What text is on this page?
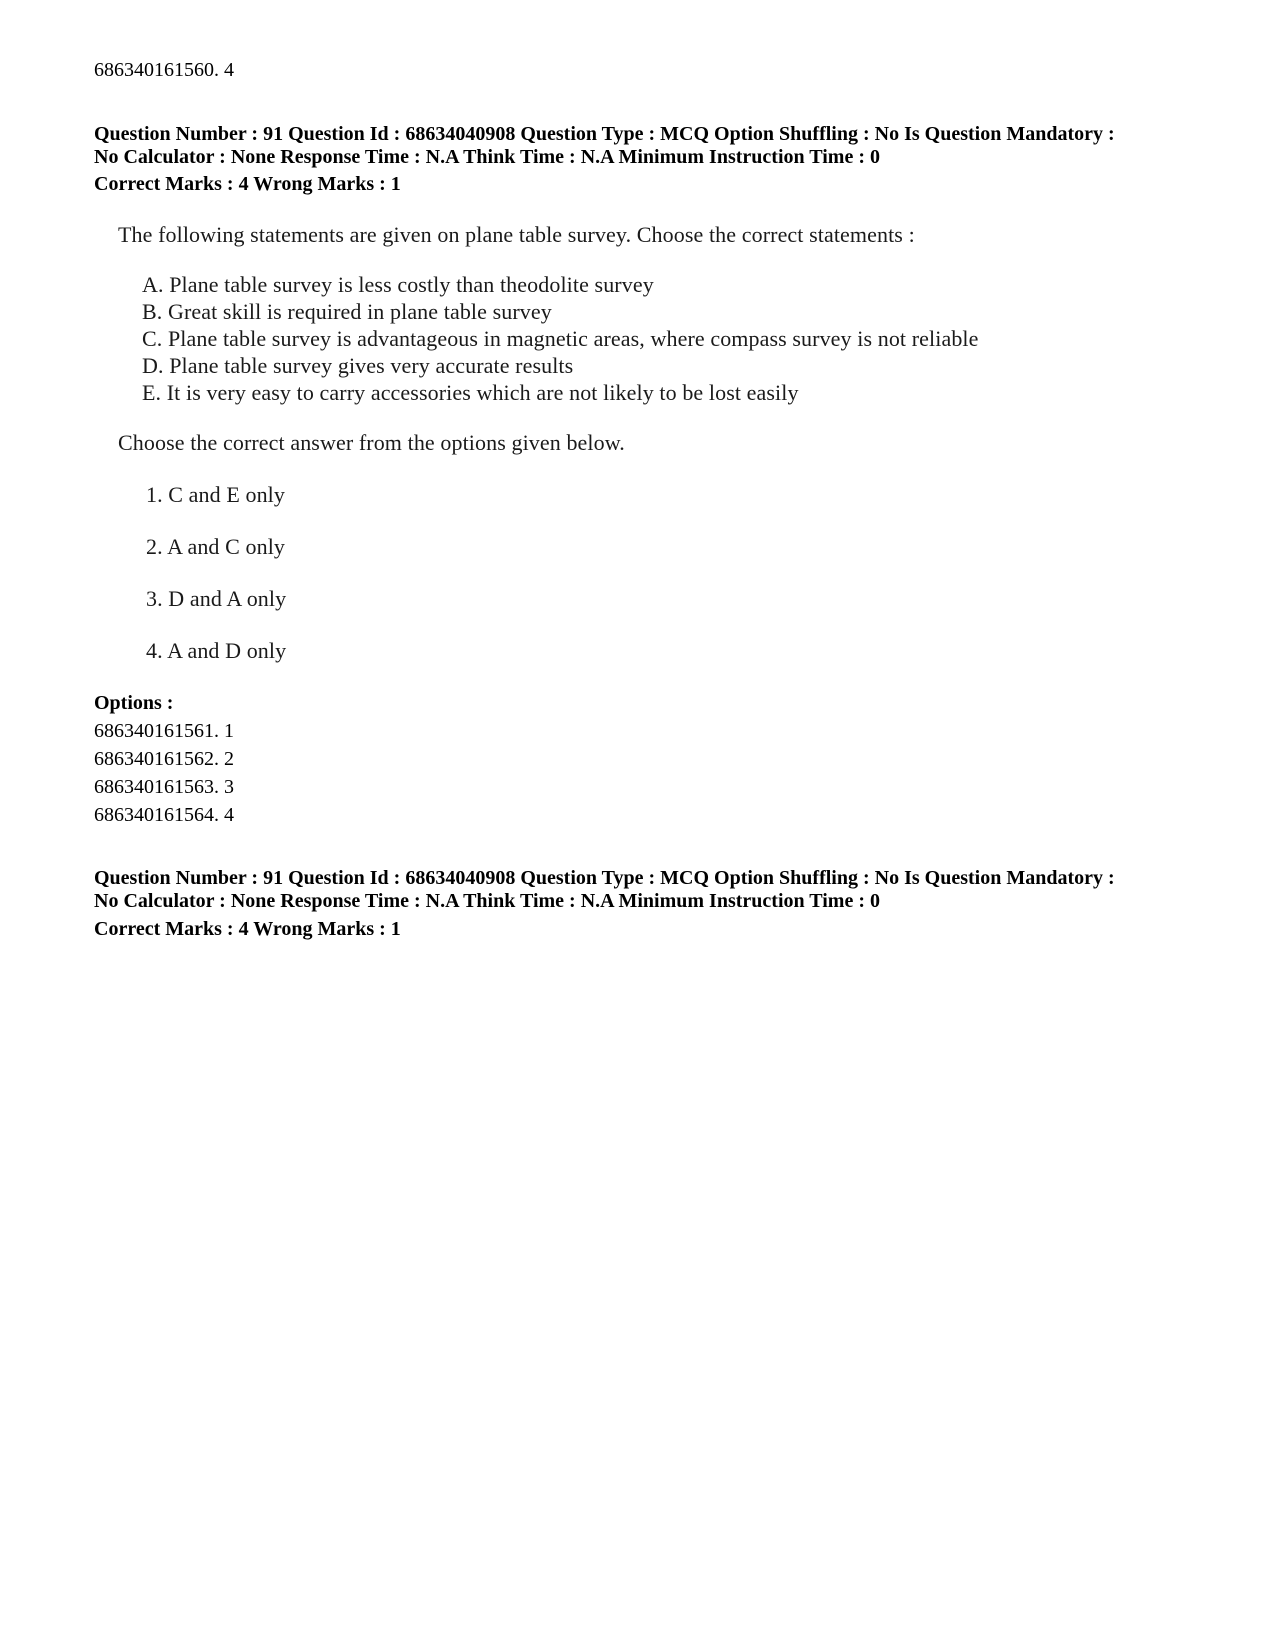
686340161560. 4
Question Number : 91 Question Id : 68634040908 Question Type : MCQ Option Shuffling : No Is Question Mandatory :
No Calculator : None Response Time : N.A Think Time : N.A Minimum Instruction Time : 0
Correct Marks : 4 Wrong Marks : 1
The following statements are given on plane table survey. Choose the correct statements :
A. Plane table survey is less costly than theodolite survey
B. Great skill is required in plane table survey
C. Plane table survey is advantageous in magnetic areas, where compass survey is not reliable
D. Plane table survey gives very accurate results
E. It is very easy to carry accessories which are not likely to be lost easily
Choose the correct answer from the options given below.
1. C and E only
2. A and C only
3. D and A only
4. A and D only
Options :
686340161561. 1
686340161562. 2
686340161563. 3
686340161564. 4
Question Number : 91 Question Id : 68634040908 Question Type : MCQ Option Shuffling : No Is Question Mandatory :
No Calculator : None Response Time : N.A Think Time : N.A Minimum Instruction Time : 0
Correct Marks : 4 Wrong Marks : 1
